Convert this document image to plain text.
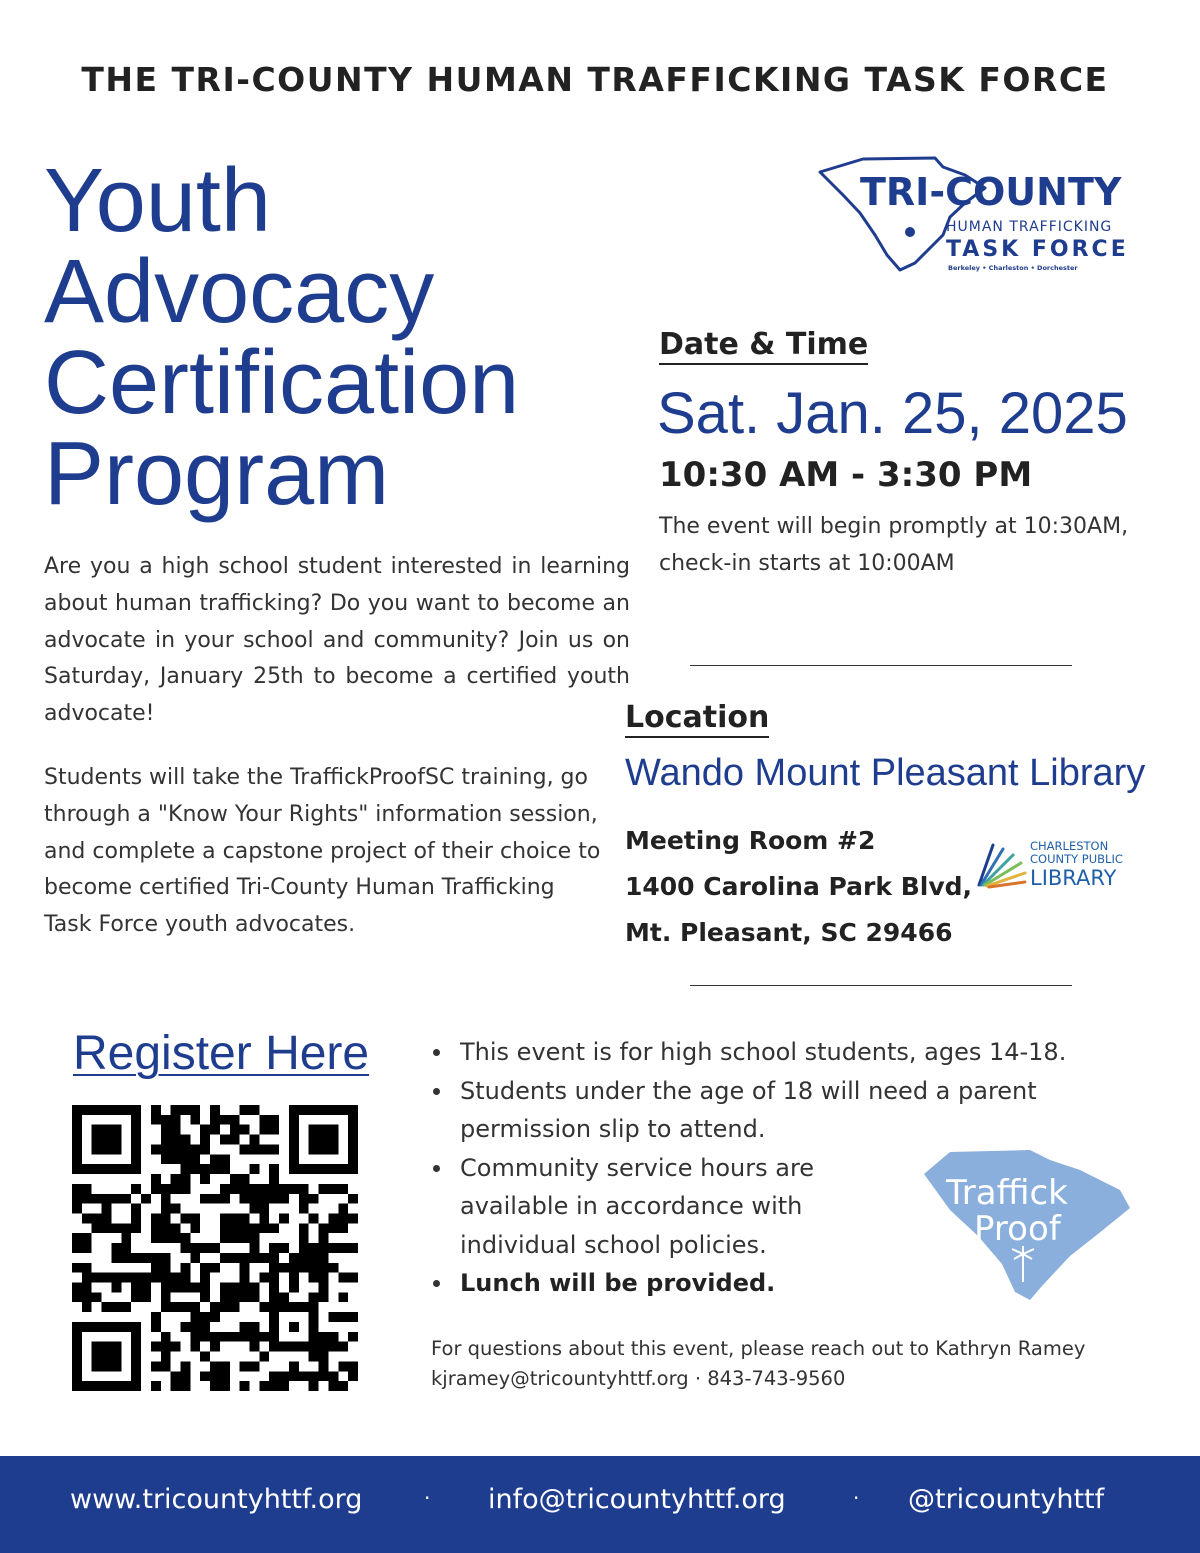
THE TRI-COUNTY HUMAN TRAFFICKING TASK FORCE
TRI-COUNTY
HUMAN TRAFFICKING
TASK FORCE
Berkeley • Charleston • Dorchester
Youth
Advocacy
Certification
Program
Are you a high school student interested in learning about human trafficking? Do you want to become an advocate in your school and community? Join us on Saturday, January 25th to become a certified youth advocate!
Students will take the TraffickProofSC training, go through a "Know Your Rights" information session, and complete a capstone project of their choice to become certified Tri-County Human Trafficking Task Force youth advocates.
Date & Time
Sat. Jan. 25, 2025
10:30 AM - 3:30 PM
The event will begin promptly at 10:30AM, check-in starts at 10:00AM
Location
Wando Mount Pleasant Library
Meeting Room #2
1400 Carolina Park Blvd,
Mt. Pleasant, SC 29466
CHARLESTON
COUNTY PUBLIC
LIBRARY
Register Here	This event is for high school students, ages 14-18.
Students under the age of 18 will need a parent permission slip to attend.
Community service hours are available in accordance with individual school policies.
Lunch will be provided.
Traffick
Proof
For questions about this event, please reach out to Kathryn Ramey
kjramey@tricountyhttf.org · 843-743-9560
www.tricountyhttf.org	· info@tricountyhttf.org	· @tricountyhttf
